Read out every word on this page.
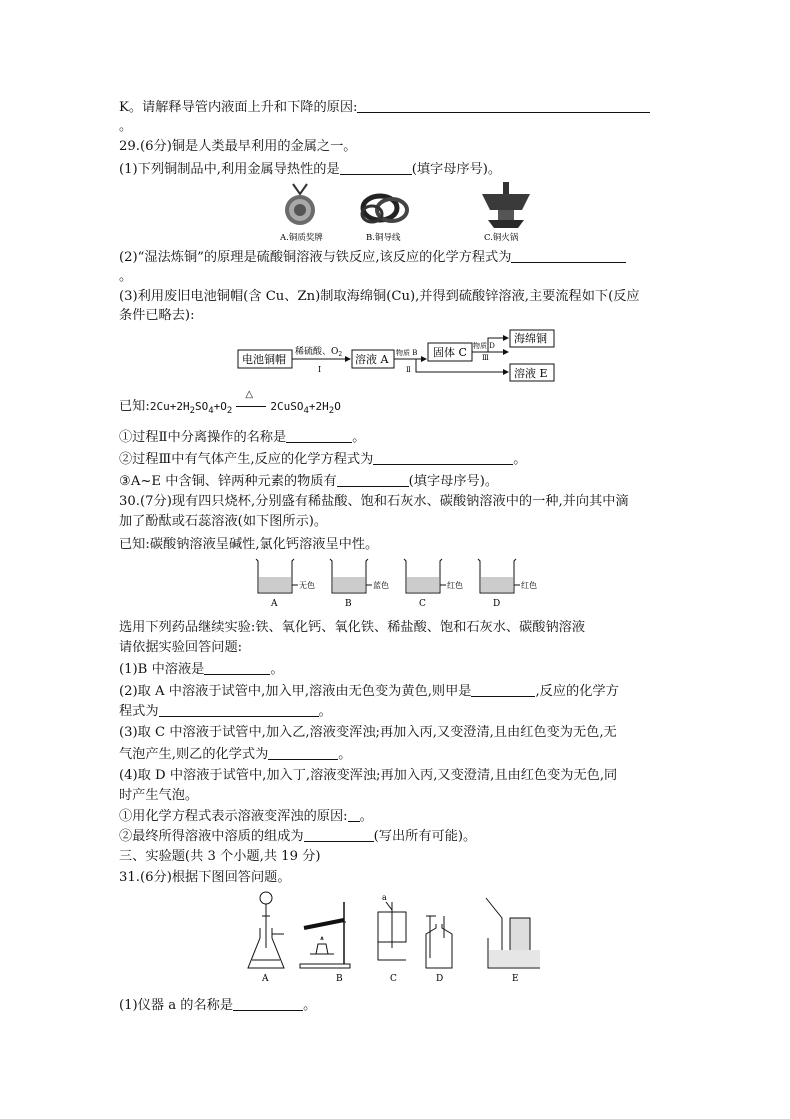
K。请解释导管内液面上升和下降的原因:
。
29.(6分)铜是人类最早利用的金属之一。
(1)下列铜制品中,利用金属导热性的是	(填字母序号)。
A.铜质奖牌	B.铜导线	C.铜火锅
(2)“湿法炼铜”的原理是硫酸铜溶液与铁反应,该反应的化学方程式为
。
(3)利用废旧电池铜帽(含 Cu、Zn)制取海绵铜(Cu),并得到硫酸锌溶液,主要流程如下(反应
条件已略去):
电池铜帽
稀硫酸、$O_2$
I
溶液 A 物质 B
Ⅱ
固体 C 物质 D
Ⅲ
海绵铜
溶液 E
已知$:2Cu+2H_2SO_4+O_2$
△
$2CuSO_4+2H_2O$
①过程Ⅱ中分离操作的名称是	。
②过程Ⅲ中有气体产生,反应的化学方程式为	。
③A~E 中含铜、锌两种元素的物质有	(填字母序号)。
30.(7分)现有四只烧杯,分别盛有稀盐酸、饱和石灰水、碳酸钠溶液中的一种,并向其中滴
加了酚酞或石蕊溶液(如下图所示)。
已知:碳酸钠溶液呈碱性,氯化钙溶液呈中性。
无色
A
蓝色
B
红色
C
红色
D
选用下列药品继续实验:铁、氧化钙、氧化铁、稀盐酸、饱和石灰水、碳酸钠溶液
请依据实验回答问题:
(1)B 中溶液是	。
(2)取 A 中溶液于试管中,加入甲,溶液由无色变为黄色,则甲是	,反应的化学方
程式为	。
(3)取 C 中溶液于试管中,加入乙,溶液变浑浊;再加入丙,又变澄清,且由红色变为无色,无
气泡产生,则乙的化学式为	。
(4)取 D 中溶液于试管中,加入丁,溶液变浑浊;再加入丙,又变澄清,且由红色变为无色,同
时产生气泡。
①用化学方程式表示溶液变浑浊的原因: 。
②最终所得溶液中溶质的组成为	(写出所有可能)。
三、实验题(共 3 个小题,共 19 分)
31.(6分)根据下图回答问题。
A	B
a
C	D	E
(1)仪器 a 的名称是	。
